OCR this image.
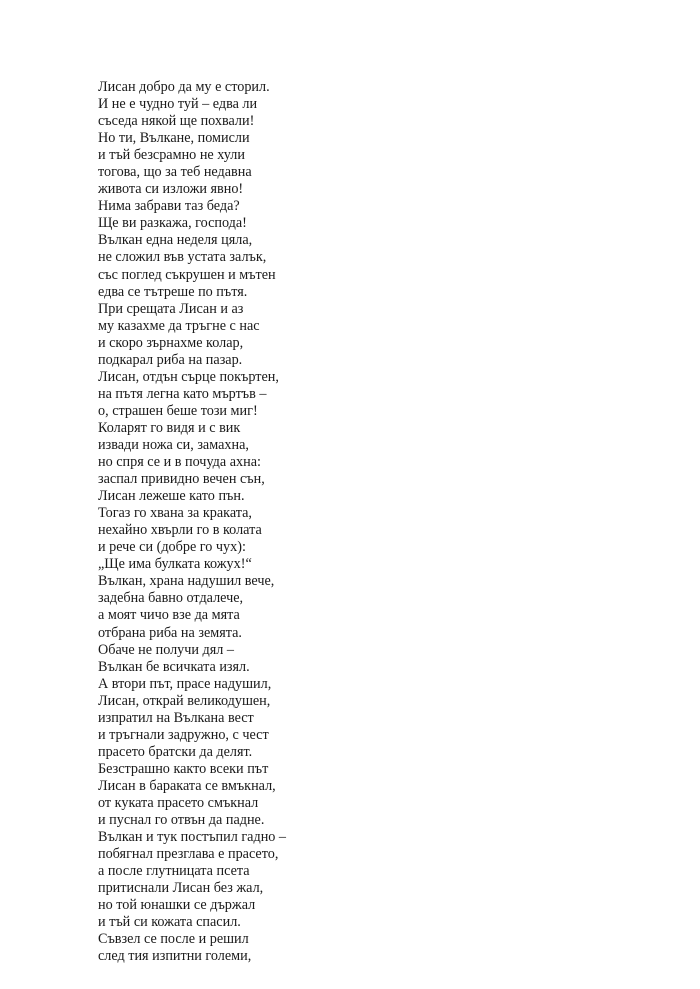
Лисан добро да му е сторил.
И не е чудно туй – едва ли
съседа някой ще похвали!
Но ти, Вълкане, помисли
и тъй безсрамно не хули
тогова, що за теб недавна
живота си изложи явно!
Нима забрави таз беда?
Ще ви разкажа, господа!
Вълкан една неделя цяла,
не сложил във устата залък,
със поглед съкрушен и мътен
едва се тътреше по пътя.
При срещата Лисан и аз
му казахме да тръгне с нас
и скоро зърнахме колар,
подкарал риба на пазар.
Лисан, отдън сърце покъртен,
на пътя легна като мъртъв –
о, страшен беше този миг!
Коларят го видя и с вик
извади ножа си, замахна,
но спря се и в почуда ахна:
заспал привидно вечен сън,
Лисан лежеше като пън.
Тогаз го хвана за краката,
нехайно хвърли го в колата
и рече си (добре го чух):
„Ще има булката кожух!“
Вълкан, храна надушил вече,
задебна бавно отдалече,
а моят чичо взе да мята
отбрана риба на земята.
Обаче не получи дял –
Вълкан бе всичката изял.
А втори път, прасе надушил,
Лисан, открай великодушен,
изпратил на Вълкана вест
и тръгнали задружно, с чест
прасето братски да делят.
Безстрашно както всеки път
Лисан в бараката се вмъкнал,
от куката прасето смъкнал
и пуснал го отвън да падне.
Вълкан и тук постъпил гадно –
побягнал презглава е прасето,
а после глутницата псета
притиснали Лисан без жал,
но той юнашки се държал
и тъй си кожата спасил.
Съвзел се после и решил
след тия изпитни големи,
